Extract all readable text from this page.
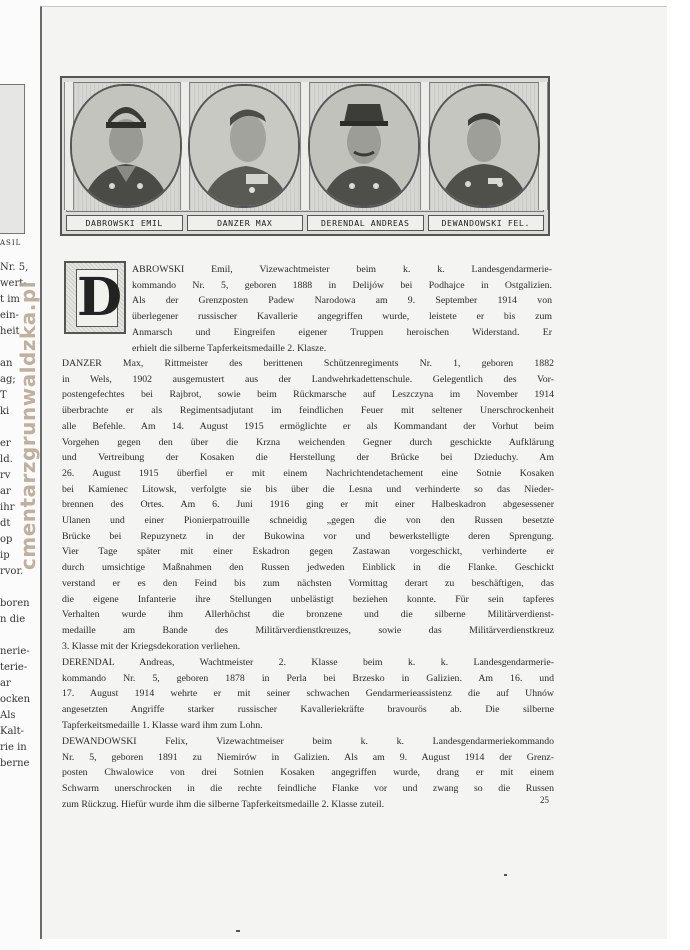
ASIL
Nr. 5,
wert-
t im
ein-
heit

an
ag;
T
ki

er
ld.
rv
ar
ihr
dt
op
ip
rvor.

boren
n die

nerie-
terie-
ar
ocken
Als
Kalt-
rie in
berne
DABROWSKI EMIL	DANZER MAX	DERENDAL ANDREAS	DEWANDOWSKI FEL.
D ABROWSKI Emil, Vizewachtmeister beim k. k. Landesgendarmerie-
kommando Nr. 5, geboren 1888 in Delijów bei Podhajce in Ostgalizien.
Als der Grenzposten Padew Narodowa am 9. September 1914 von
überlegener russischer Kavallerie angegriffen wurde, leistete er bis zum
Anmarsch und Eingreifen eigener Truppen heroischen Widerstand. Er
erhielt die silberne Tapferkeitsmedaille 2. Klasze.
DANZER Max, Rittmeister des berittenen Schützenregiments Nr. 1, geboren 1882
in Wels, 1902 ausgemustert aus der Landwehrkadettenschule. Gelegentlich des Vor-
postengefechtes bei Rajbrot, sowie beim Rückmarsche auf Leszczyna im November 1914
überbrachte er als Regimentsadjutant im feindlichen Feuer mit seltener Unerschrockenheit
alle Befehle. Am 14. August 1915 ermöglichte er als Kommandant der Vorhut beim
Vorgehen gegen den über die Krzna weichenden Gegner durch geschickte Aufklärung
und Vertreibung der Kosaken die Herstellung der Brücke bei Dzieduchy. Am
26. August 1915 überfiel er mit einem Nachrichtendetachement eine Sotnie Kosaken
bei Kamienec Litowsk, verfolgte sie bis über die Lesna und verhinderte so das Nieder-
brennen des Ortes. Am 6. Juni 1916 ging er mit einer Halbeskadron abgesessener
Ulanen und einer Pionierpatrouille schneidig „gegen die von den Russen besetzte
Brücke bei Repuzynetz in der Bukowina vor und bewerkstelligte deren Sprengung.
Vier Tage später mit einer Eskadron gegen Zastawan vorgeschickt, verhinderte er
durch umsichtige Maßnahmen den Russen jedweden Einblick in die Flanke. Geschickt
verstand er es den Feind bis zum nächsten Vormittag derart zu beschäftigen, das
die eigene Infanterie ihre Stellungen unbelästigt beziehen konnte. Für sein tapferes
Verhalten wurde ihm Allerhöchst die bronzene und die silberne Militärverdienst-
medaille am Bande des Militärverdienstkreuzes, sowie das Militärverdienstkreuz
3. Klasse mit der Kriegsdekoration verliehen.
DERENDAL Andreas, Wachtmeister 2. Klasse beim k. k. Landesgendarmerie-
kommando Nr. 5, geboren 1878 in Perla bei Brzesko in Galizien. Am 16. und
17. August 1914 wehrte er mit seiner schwachen Gendarmerieassistenz die auf Uhnów
angesetzten Angriffe starker russischer Kavalleriekräfte bravourös ab. Die silberne
Tapferkeitsmedaille 1. Klasse ward ihm zum Lohn.
DEWANDOWSKI Felix, Vizewachtmeiser beim k. k. Landesgendarmeriekommando
Nr. 5, geboren 1891 zu Niemirów in Galizien. Als am 9. August 1914 der Grenz-
posten Chwalowice von drei Sotnien Kosaken angegriffen wurde, drang er mit einem
Schwarm unerschrocken in die rechte feindliche Flanke vor und zwang so die Russen
zum Rückzug. Hiefür wurde ihm die silberne Tapferkeitsmedaille 2. Klasse zuteil.	25
cmentarzgrunwaldzka.pl
